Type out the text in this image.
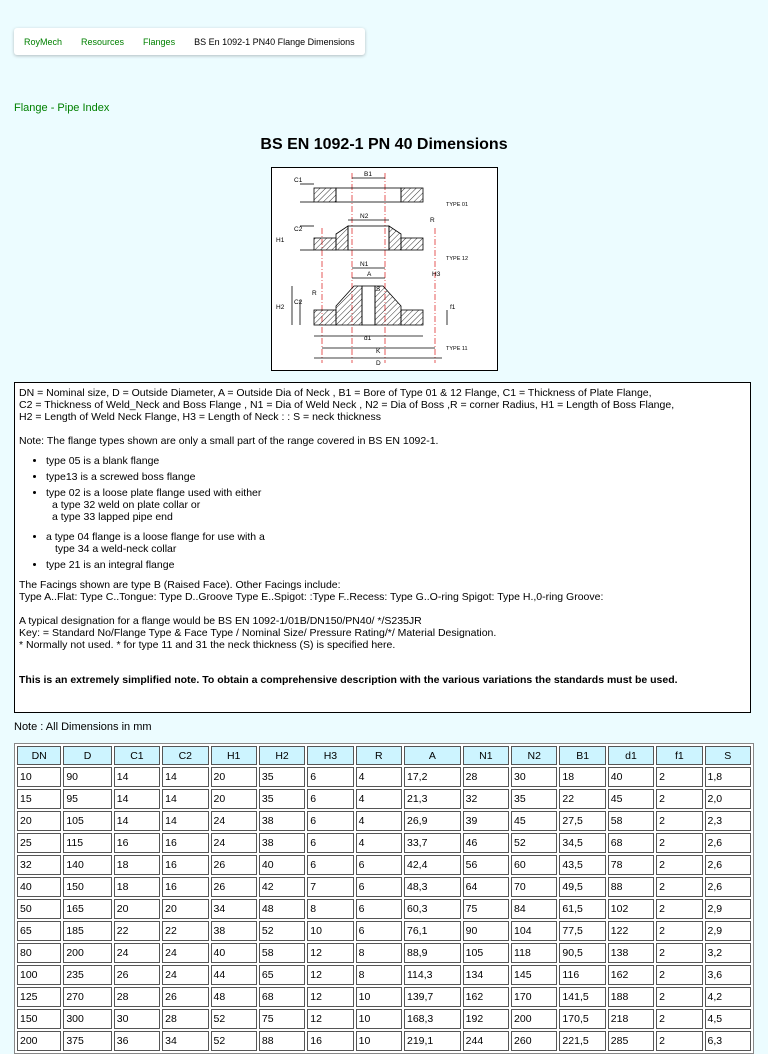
RoyMech Resources Flanges BS En 1092-1 PN40 Flange Dimensions
Flange - Pipe Index
BS EN 1092-1 PN 40 Dimensions
C1
B1
C2
N2
R
H1
N1
A	H3
S
R
H2
C2
f1
d1
K
D
TYPE 01
TYPE 12
TYPE 11

DN = Nominal size, D = Outside Diameter, A = Outside Dia of Neck , B1 = Bore of Type 01 & 12 Flange, C1 = Thickness of Plate Flange,

C2 = Thickness of Weld_Neck and Boss Flange , N1 = Dia of Weld Neck , N2 = Dia of Boss ,R = corner Radius, H1 = Length of Boss Flange,

H2 = Length of Weld Neck Flange, H3 = Length of Neck : : S = neck thickness

Note: The flange types shown are only a small part of the range covered in BS EN 1092-1.

• type 05 is a blank flange
• type13 is a screwed boss flange
• type 02 is a loose plate flange used with either
a type 32 weld on plate collar or
a type 33 lapped pipe end
• a type 04 flange is a loose flange for use with a
type 34 a weld-neck collar
• type 21 is an integral flange

The Facings shown are type B (Raised Face). Other Facings include:

Type A..Flat: Type C..Tongue: Type D..Groove Type E..Spigot: :Type F..Recess: Type G..O-ring Spigot: Type H.,0-ring Groove:

A typical designation for a flange would be BS EN 1092-1/01B/DN150/PN40/ */S235JR

Key: = Standard No/Flange Type & Face Type / Nominal Size/ Pressure Rating/*/ Material Designation.

* Normally not used. * for type 11 and 31 the neck thickness (S) is specified here.

This is an extremely simplified note. To obtain a comprehensive description with the various variations the standards must be used.

Note : All Dimensions in mm
DN	D	C1	C2	H1	H2	H3	R	A	N1	N2	B1	d1	f1	S
10	90	14	14	20	35	6	4	17,2	28	30	18	40	2	1,8
15	95	14	14	20	35	6	4	21,3	32	35	22	45	2	2,0
20	105	14	14	24	38	6	4	26,9	39	45	27,5	58	2	2,3
25	115	16	16	24	38	6	4	33,7	46	52	34,5	68	2	2,6
32	140	18	16	26	40	6	6	42,4	56	60	43,5	78	2	2,6
40	150	18	16	26	42	7	6	48,3	64	70	49,5	88	2	2,6
50	165	20	20	34	48	8	6	60,3	75	84	61,5	102	2	2,9
65	185	22	22	38	52	10	6	76,1	90	104	77,5	122	2	2,9
80	200	24	24	40	58	12	8	88,9	105	118	90,5	138	2	3,2
100	235	26	24	44	65	12	8	114,3	134	145	116	162	2	3,6
125	270	28	26	48	68	12	10	139,7	162	170	141,5	188	2	4,2
150	300	30	28	52	75	12	10	168,3	192	200	170,5	218	2	4,5
200	375	36	34	52	88	16	10	219,1	244	260	221,5	285	2	6,3
